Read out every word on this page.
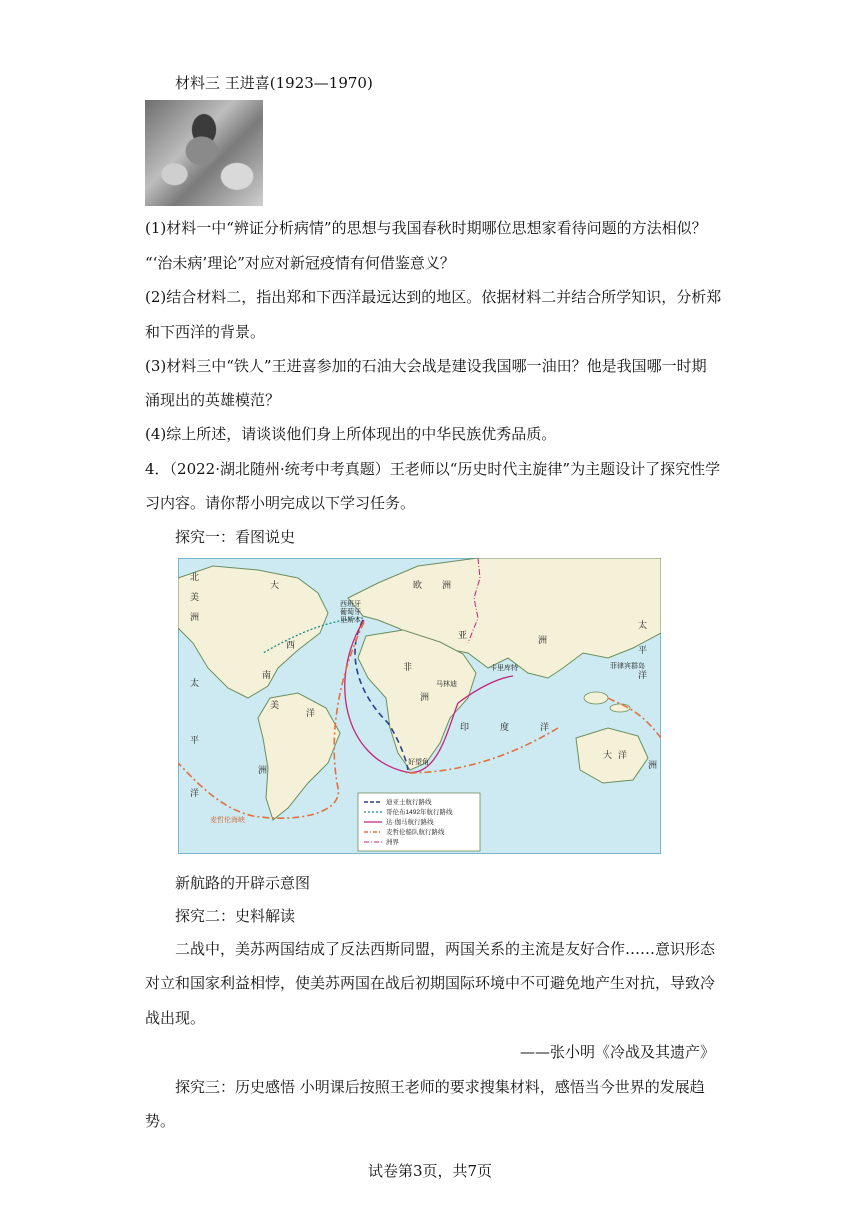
材料三 王进喜(1923—1970)
(1)材料一中“辨证分析病情”的思想与我国春秋时期哪位思想家看待问题的方法相似？
“‘治未病’理论”对应对新冠疫情有何借鉴意义？
(2)结合材料二，指出郑和下西洋最远达到的地区。依据材料二并结合所学知识，分析郑
和下西洋的背景。
(3)材料三中“铁人”王进喜参加的石油大会战是建设我国哪一油田？他是我国哪一时期
涌现出的英雄模范？
(4)综上所述，请谈谈他们身上所体现出的中华民族优秀品质。
4．（2022·湖北随州·统考中考真题）王老师以“历史时代主旋律”为主题设计了探究性学
习内容。请你帮小明完成以下学习任务。
探究一：看图说史
北
美
洲
大
西
太
南
美
洲
平
洋
洋
欧 洲
亚	洲
非
洲
印	度	洋
太
平
洋
大 洋
洲
西班牙
葡萄牙
里斯本
卡里库特
马林迪
好望角
菲律宾群岛
麦哲伦海峡
迪亚士航行路线
哥伦布1492年航行路线
达·伽马航行路线
麦哲伦船队航行路线
洲界
新航路的开辟示意图
探究二：史料解读
二战中，美苏两国结成了反法西斯同盟，两国关系的主流是友好合作……意识形态
对立和国家利益相悖，使美苏两国在战后初期国际环境中不可避免地产生对抗，导致冷
战出现。
——张小明《冷战及其遗产》
探究三：历史感悟 小明课后按照王老师的要求搜集材料，感悟当今世界的发展趋
势。
试卷第3页，共7页
